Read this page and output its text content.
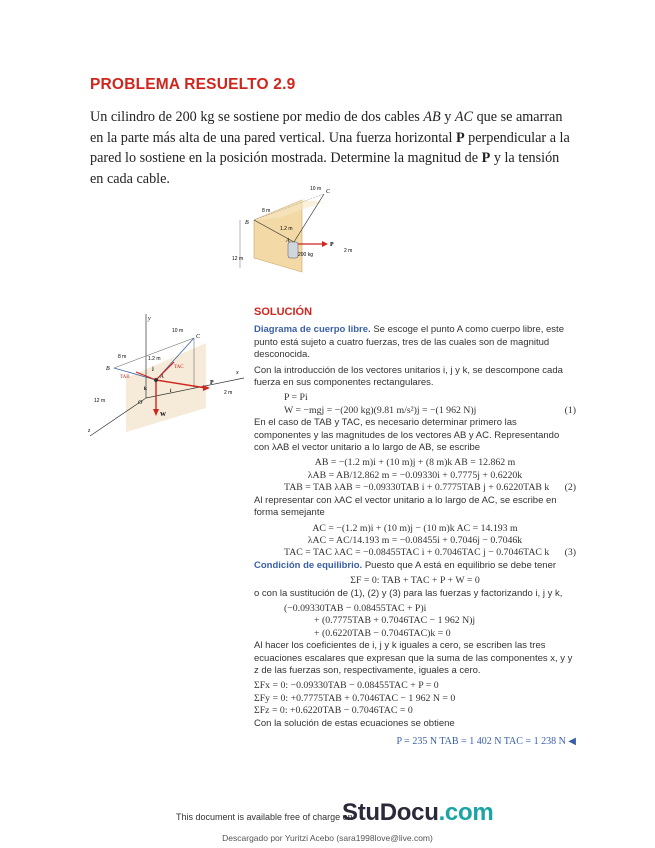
PROBLEMA RESUELTO 2.9
Un cilindro de 200 kg se sostiene por medio de dos cables AB y AC que se amarran en la parte más alta de una pared vertical. Una fuerza horizontal P perpendicular a la pared lo sostiene en la posición mostrada. Determine la magnitud de P y la tensión en cada cable.
B
C
A
P
10 m
8 m
12 m
1.2 m
2 m
200 kg
y
x
z
B
C
A
O
P
W
TAB
TAC
i
j
k
10 m
8 m
12 m
1.2 m
2 m
SOLUCIÓN
Diagrama de cuerpo libre. Se escoge el punto A como cuerpo libre, este punto está sujeto a cuatro fuerzas, tres de las cuales son de magnitud desconocida.
Con la introducción de los vectores unitarios i, j y k, se descompone cada fuerza en sus componentes rectangulares.
P = Pi
W = −mgj = −(200 kg)(9.81 m/s²)j = −(1 962 N)j	(1)
En el caso de TAB y TAC, es necesario determinar primero las componentes y las magnitudes de los vectores AB y AC. Representando con λAB el vector unitario a lo largo de AB, se escribe
AB = −(1.2 m)i + (10 m)j + (8 m)k AB = 12.862 m
λAB = AB/12.862 m = −0.09330i + 0.7775j + 0.6220k
TAB = TAB λAB = −0.09330TAB i + 0.7775TAB j + 0.6220TAB k (2)
Al representar con λAC el vector unitario a lo largo de AC, se escribe en forma semejante
AC = −(1.2 m)i + (10 m)j − (10 m)k AC = 14.193 m
λAC = AC/14.193 m = −0.08455i + 0.7046j − 0.7046k
TAC = TAC λAC = −0.08455TAC i + 0.7046TAC j − 0.7046TAC k (3)
Condición de equilibrio. Puesto que A está en equilibrio se debe tener
ΣF = 0: TAB + TAC + P + W = 0
o con la sustitución de (1), (2) y (3) para las fuerzas y factorizando i, j y k,
(−0.09330TAB − 0.08455TAC + P)i
+ (0.7775TAB + 0.7046TAC − 1 962 N)j
+ (0.6220TAB − 0.7046TAC)k = 0
Al hacer los coeficientes de i, j y k iguales a cero, se escriben las tres ecuaciones escalares que expresan que la suma de las componentes x, y y z de las fuerzas son, respectivamente, iguales a cero.
ΣFx = 0: −0.09330TAB − 0.08455TAC + P = 0
ΣFy = 0: +0.7775TAB + 0.7046TAC − 1 962 N = 0
ΣFz = 0: +0.6220TAB − 0.7046TAC = 0
Con la solución de estas ecuaciones se obtiene
P = 235 N TAB = 1 402 N TAC = 1 238 N ◀
This document is available free of charge on
StuDocu.com
Descargado por Yuritzi Acebo (sara1998love@live.com)
